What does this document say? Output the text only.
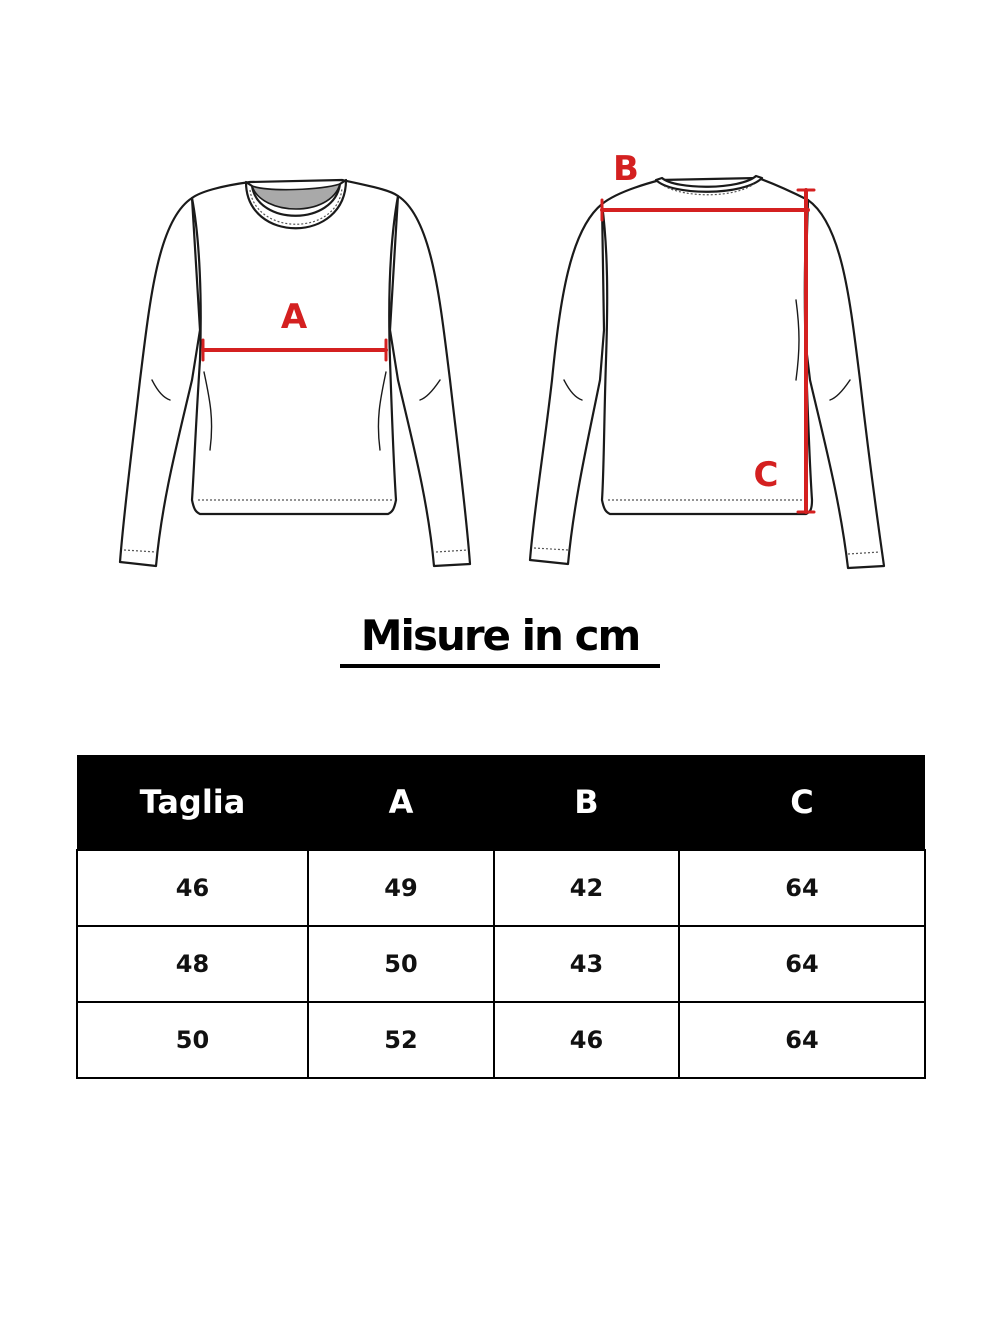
A
B
C
Misure in cm
Taglia	A	B	C
46	49	42	64
48	50	43	64
50	52	46	64
